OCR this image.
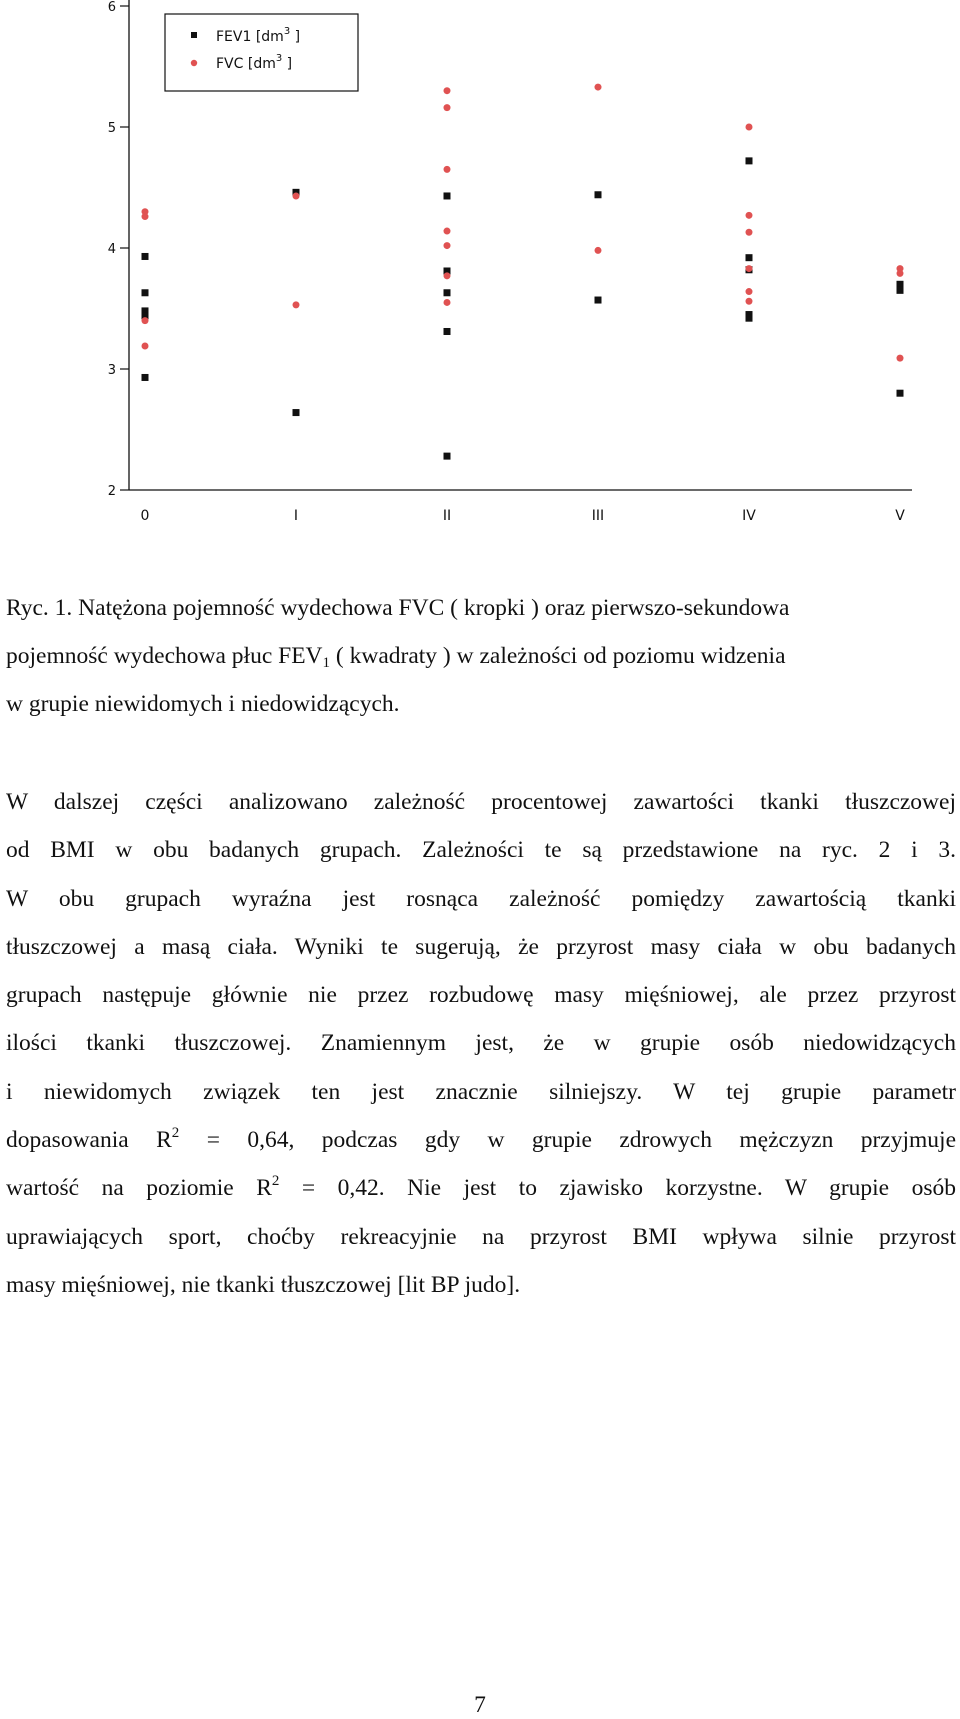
2
3
4
5
6
0	I	II	III	IV	V
FEV1 [$dm^3$ ]
FVC [$dm^3$ ]
Ryc. 1. Natężona pojemność wydechowa FVC ( kropki ) oraz pierwszo-sekundowa
pojemność wydechowa płuc $FEV_1$ ( kwadraty ) w zależności od poziomu widzenia
w grupie niewidomych i niedowidzących.
W dalszej części analizowano zależność procentowej zawartości tkanki tłuszczowej
od BMI w obu badanych grupach. Zależności te są przedstawione na ryc. 2 i 3.
W obu grupach wyraźna jest rosnąca zależność pomiędzy zawartością tkanki
tłuszczowej a masą ciała. Wyniki te sugerują, że przyrost masy ciała w obu badanych
grupach następuje głównie nie przez rozbudowę masy mięśniowej, ale przez przyrost
ilości tkanki tłuszczowej. Znamiennym jest, że w grupie osób niedowidzących
i niewidomych związek ten jest znacznie silniejszy. W tej grupie parametr
dopasowania $R^2 = 0,64$, podczas gdy w grupie zdrowych mężczyzn przyjmuje
wartość na poziomie $R^2 = 0,42$. Nie jest to zjawisko korzystne. W grupie osób
uprawiających sport, choćby rekreacyjnie na przyrost BMI wpływa silnie przyrost
masy mięśniowej, nie tkanki tłuszczowej [lit BP judo].
7
